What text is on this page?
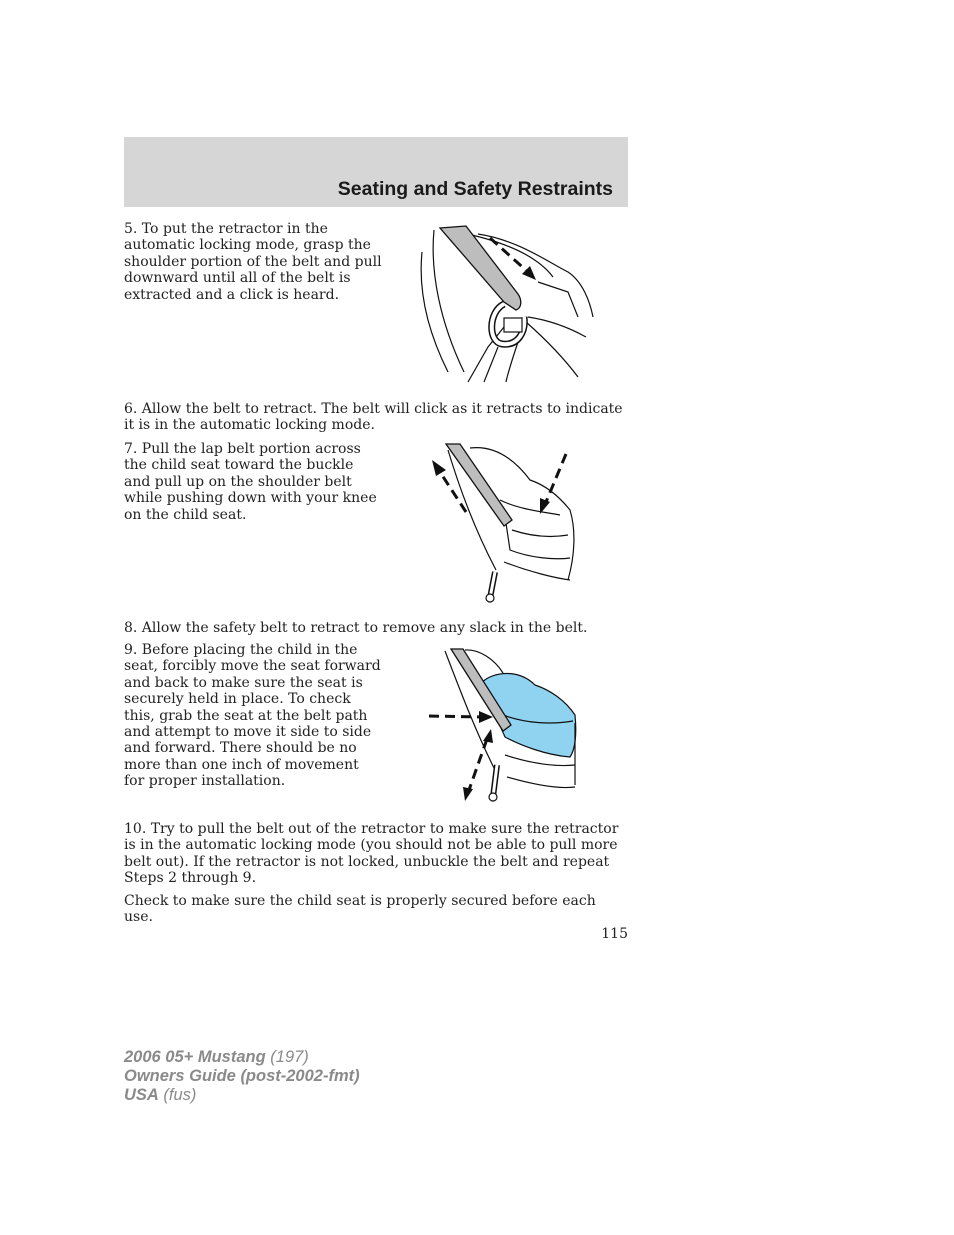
Seating and Safety Restraints

5. To put the retractor in the automatic locking mode, grasp the shoulder portion of the belt and pull downward until all of the belt is extracted and a click is heard.

6. Allow the belt to retract. The belt will click as it retracts to indicate it is in the automatic locking mode.

7. Pull the lap belt portion across the child seat toward the buckle and pull up on the shoulder belt while pushing down with your knee on the child seat.

8. Allow the safety belt to retract to remove any slack in the belt.

9. Before placing the child in the seat, forcibly move the seat forward and back to make sure the seat is securely held in place. To check this, grab the seat at the belt path and attempt to move it side to side and forward. There should be no more than one inch of movement for proper installation.

10. Try to pull the belt out of the retractor to make sure the retractor is in the automatic locking mode (you should not be able to pull more belt out). If the retractor is not locked, unbuckle the belt and repeat Steps 2 through 9.

Check to make sure the child seat is properly secured before each use.

115
2006 05+ Mustang (197)
Owners Guide (post-2002-fmt)
USA (fus)
